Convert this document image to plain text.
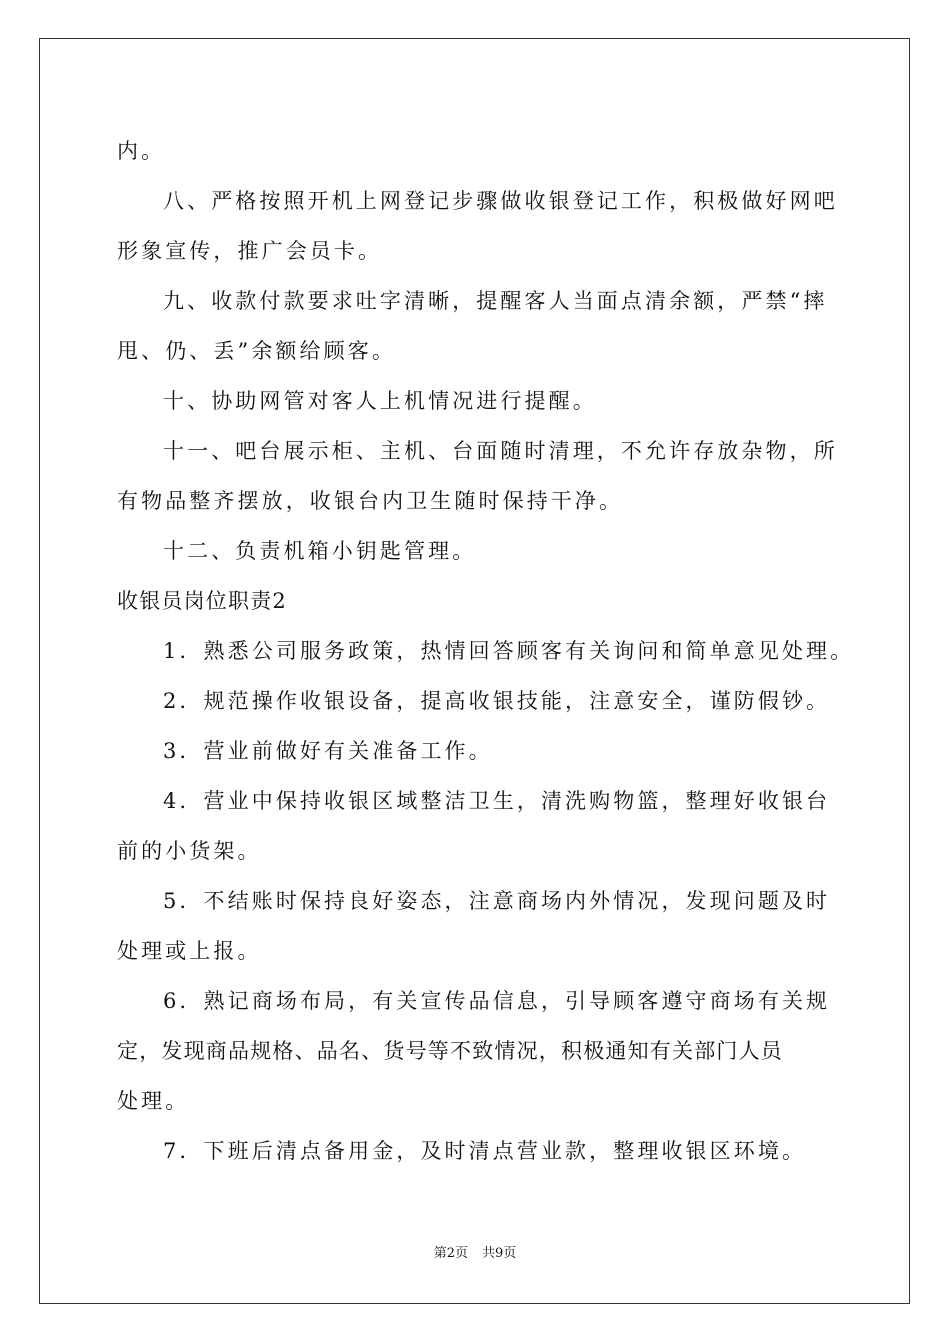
内。
八、严格按照开机上网登记步骤做收银登记工作，积极做好网吧
形象宣传，推广会员卡。
九、收款付款要求吐字清晰，提醒客人当面点清余额，严禁“摔
甩、仍、丢”余额给顾客。
十、协助网管对客人上机情况进行提醒。
十一、吧台展示柜、主机、台面随时清理，不允许存放杂物，所
有物品整齐摆放，收银台内卫生随时保持干净。
十二、负责机箱小钥匙管理。
收银员岗位职责2
1．熟悉公司服务政策，热情回答顾客有关询问和简单意见处理。
2．规范操作收银设备，提高收银技能，注意安全，谨防假钞。
3．营业前做好有关准备工作。
4．营业中保持收银区域整洁卫生，清洗购物篮，整理好收银台
前的小货架。
5．不结账时保持良好姿态，注意商场内外情况，发现问题及时
处理或上报。
6．熟记商场布局，有关宣传品信息，引导顾客遵守商场有关规
定，发现商品规格、品名、货号等不致情况，积极通知有关部门人员
处理。
7．下班后清点备用金，及时清点营业款，整理收银区环境。
第2页 共9页
